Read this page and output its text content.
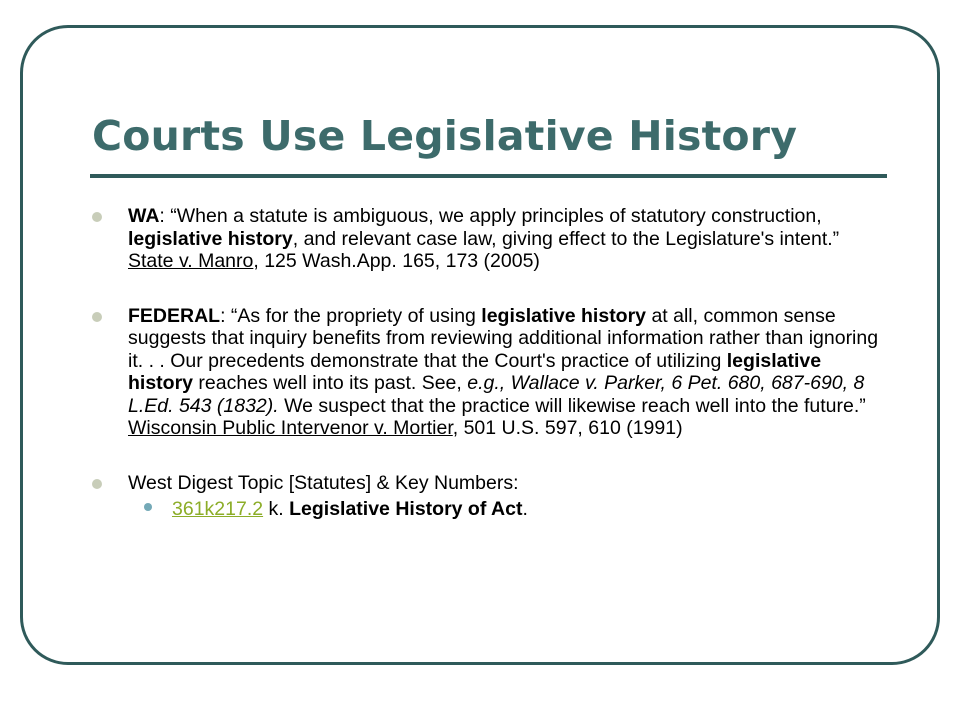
Courts Use Legislative History
WA: “When a statute is ambiguous, we apply principles of statutory construction, legislative history, and relevant case law, giving effect to the Legislature's intent.” State v. Manro, 125 Wash.App. 165, 173 (2005)
FEDERAL: “As for the propriety of using legislative history at all, common sense suggests that inquiry benefits from reviewing additional information rather than ignoring it. . . Our precedents demonstrate that the Court's practice of utilizing legislative history reaches well into its past. See, e.g., Wallace v. Parker, 6 Pet. 680, 687-690, 8 L.Ed. 543 (1832). We suspect that the practice will likewise reach well into the future.” Wisconsin Public Intervenor v. Mortier, 501 U.S. 597, 610 (1991)
West Digest Topic [Statutes] & Key Numbers:
361k217.2 k. Legislative History of Act.
